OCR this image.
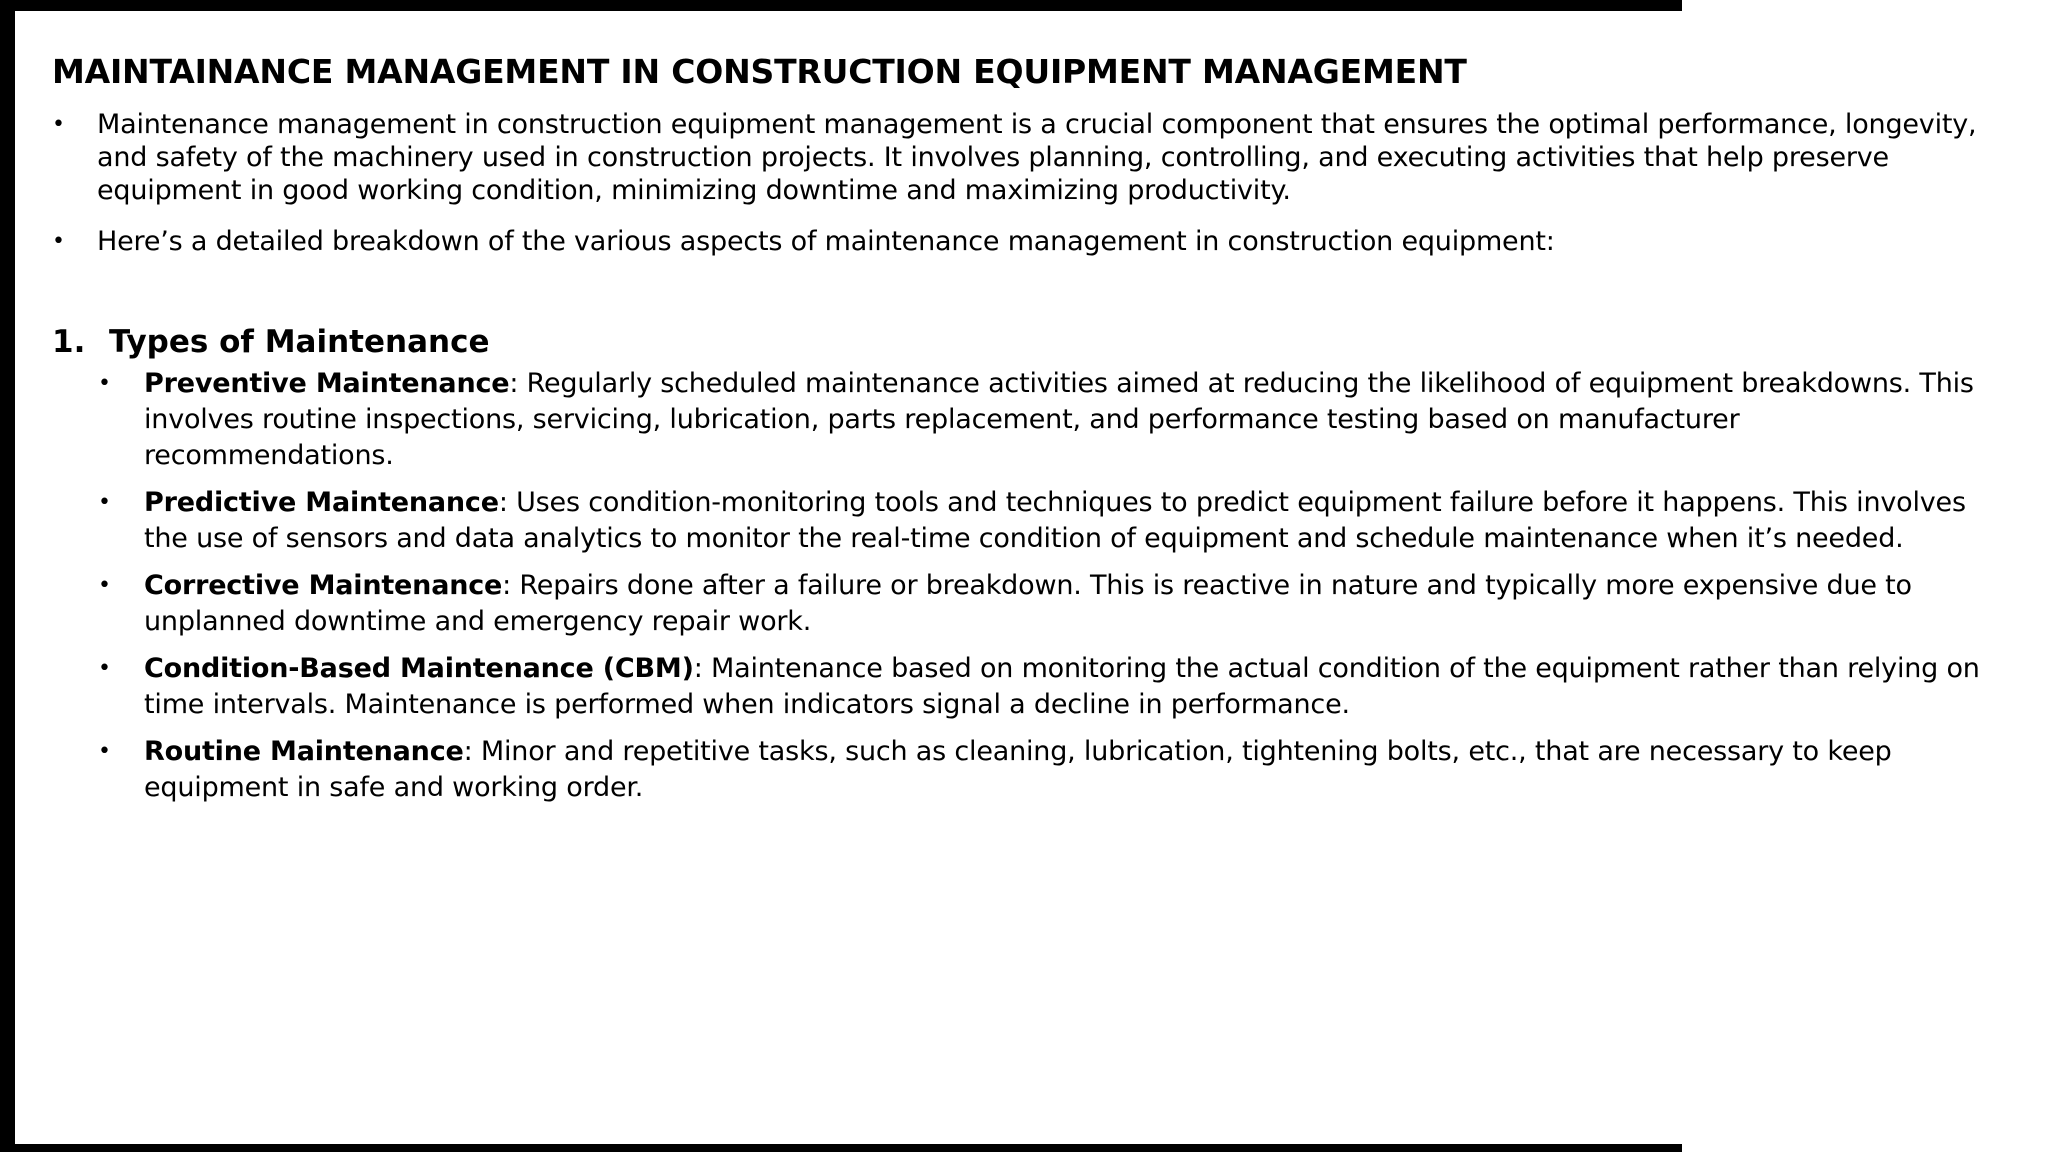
MAINTAINANCE MANAGEMENT IN CONSTRUCTION EQUIPMENT MANAGEMENT
• Maintenance management in construction equipment management is a crucial component that ensures the optimal performance, longevity, and safety of the machinery used in construction projects. It involves planning, controlling, and executing activities that help preserve equipment in good working condition, minimizing downtime and maximizing productivity.
• Here’s a detailed breakdown of the various aspects of maintenance management in construction equipment:
1. Types of Maintenance
• Preventive Maintenance: Regularly scheduled maintenance activities aimed at reducing the likelihood of equipment breakdowns. This involves routine inspections, servicing, lubrication, parts replacement, and performance testing based on manufacturer recommendations.
• Predictive Maintenance: Uses condition-monitoring tools and techniques to predict equipment failure before it happens. This involves the use of sensors and data analytics to monitor the real-time condition of equipment and schedule maintenance when it’s needed.
• Corrective Maintenance: Repairs done after a failure or breakdown. This is reactive in nature and typically more expensive due to unplanned downtime and emergency repair work.
• Condition-Based Maintenance (CBM): Maintenance based on monitoring the actual condition of the equipment rather than relying on time intervals. Maintenance is performed when indicators signal a decline in performance.
• Routine Maintenance: Minor and repetitive tasks, such as cleaning, lubrication, tightening bolts, etc., that are necessary to keep equipment in safe and working order.
